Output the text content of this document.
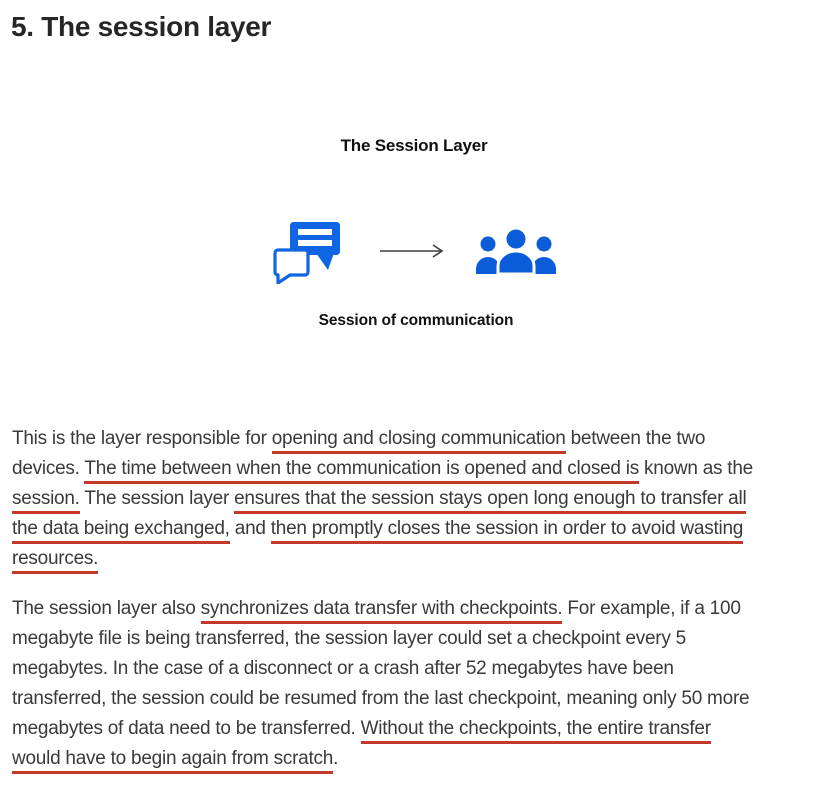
5. The session layer
The Session Layer
Session of communication
This is the layer responsible for opening and closing communication between the two
devices. The time between when the communication is opened and closed is known as the
session. The session layer ensures that the session stays open long enough to transfer all
the data being exchanged, and then promptly closes the session in order to avoid wasting
resources.
The session layer also synchronizes data transfer with checkpoints. For example, if a 100
megabyte file is being transferred, the session layer could set a checkpoint every 5
megabytes. In the case of a disconnect or a crash after 52 megabytes have been
transferred, the session could be resumed from the last checkpoint, meaning only 50 more
megabytes of data need to be transferred. Without the checkpoints, the entire transfer
would have to begin again from scratch.
